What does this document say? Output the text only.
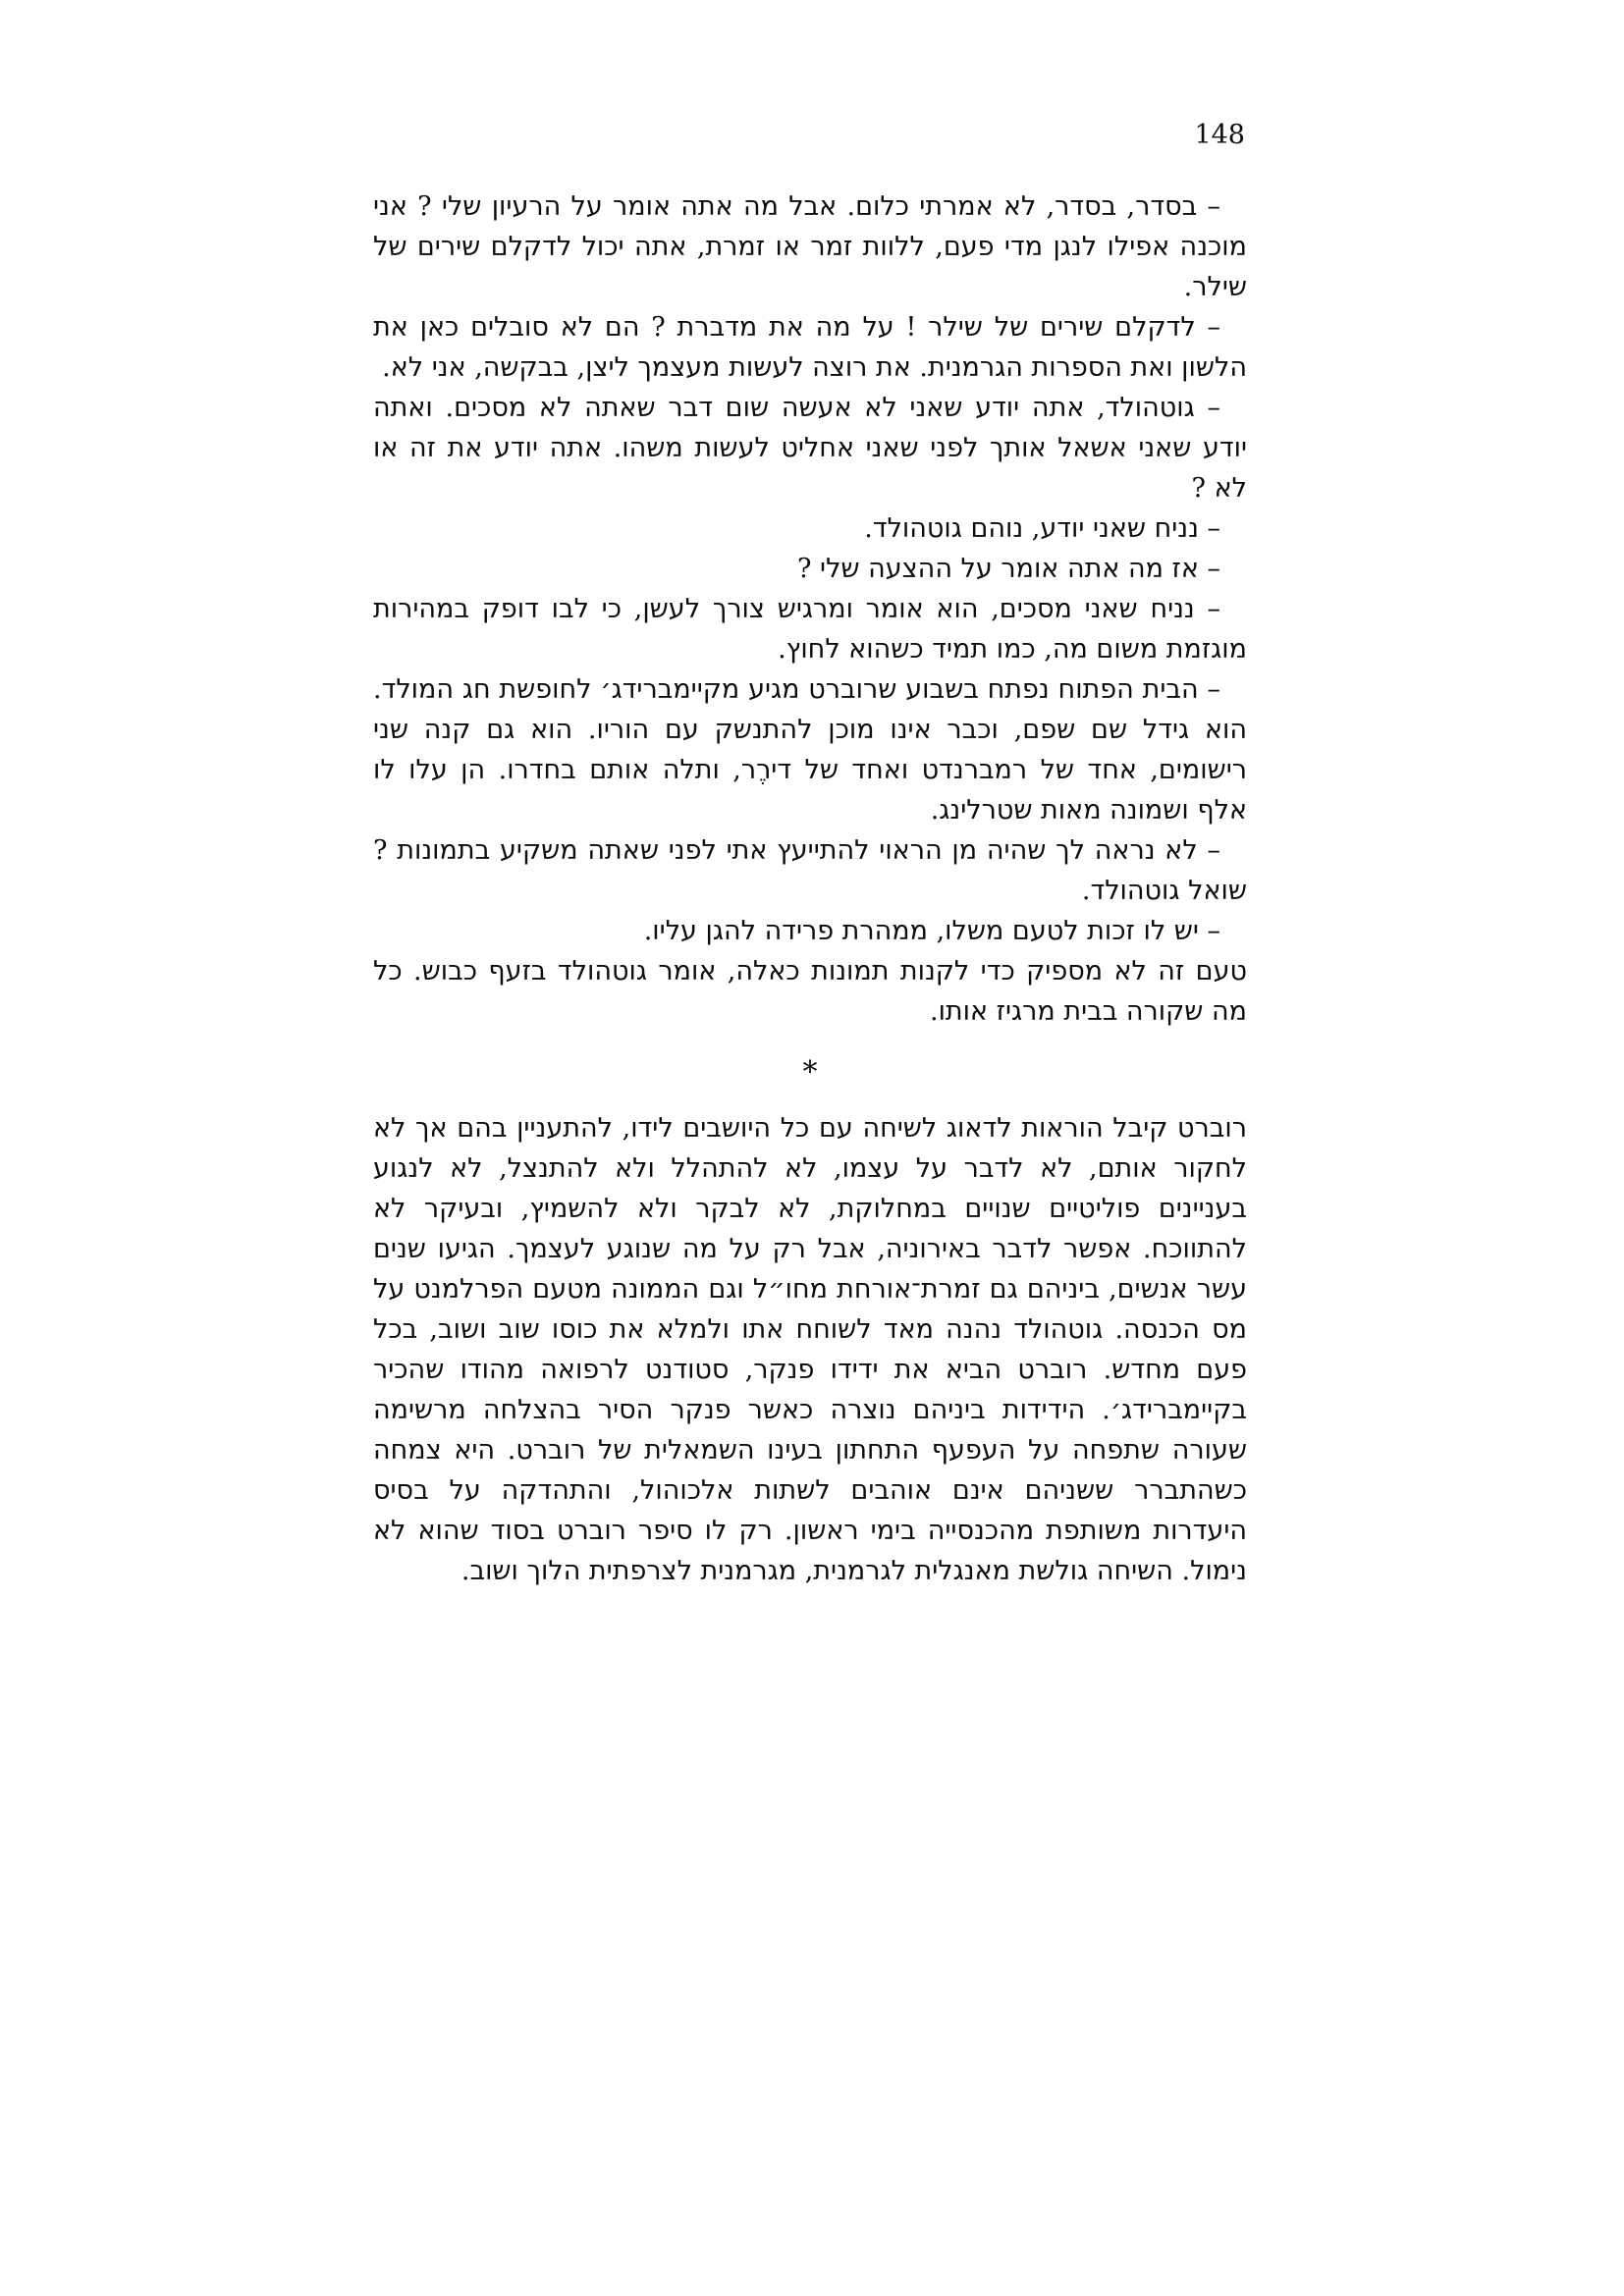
148

– בסדר, בסדר, לא אמרתי כלום. אבל מה אתה אומר על הרעיון שלי ? אני מוכנה אפילו לנגן מדי פעם, ללוות זמר או זמרת, אתה יכול לדקלם שירים של שילר.

– לדקלם שירים של שילר ! על מה את מדברת ? הם לא סובלים כאן את הלשון ואת הספרות הגרמנית. את רוצה לעשות מעצמך ליצן, בבקשה, אני לא.

– גוטהולד, אתה יודע שאני לא אעשה שום דבר שאתה לא מסכים. ואתה יודע שאני אשאל אותך לפני שאני אחליט לעשות משהו. אתה יודע את זה או לא ?

– נניח שאני יודע, נוהם גוטהולד.

– אז מה אתה אומר על ההצעה שלי ?

– נניח שאני מסכים, הוא אומר ומרגיש צורך לעשן, כי לבו דופק במהירות מוגזמת משום מה, כמו תמיד כשהוא לחוץ.

– הבית הפתוח נפתח בשבוע שרוברט מגיע מקיימברידג׳ לחופשת חג המולד. הוא גידל שם שפם, וכבר אינו מוכן להתנשק עם הוריו. הוא גם קנה שני רישומים, אחד של רמברנדט ואחד של דירֶר, ותלה אותם בחדרו. הן עלו לו אלף ושמונה מאות שטרלינג.

– לא נראה לך שהיה מן הראוי להתייעץ אתי לפני שאתה משקיע בתמונות ? שואל גוטהולד.

– יש לו זכות לטעם משלו, ממהרת פרידה להגן עליו.

טעם זה לא מספיק כדי לקנות תמונות כאלה, אומר גוטהולד בזעף כבוש. כל מה שקורה בבית מרגיז אותו.

*

רוברט קיבל הוראות לדאוג לשיחה עם כל היושבים לידו, להתעניין בהם אך לא לחקור אותם, לא לדבר על עצמו, לא להתהלל ולא להתנצל, לא לנגוע בעניינים פוליטיים שנויים במחלוקת, לא לבקר ולא להשמיץ, ובעיקר לא להתווכח. אפשר לדבר באירוניה, אבל רק על מה שנוגע לעצמך. הגיעו שנים עשר אנשים, ביניהם גם זמרת־אורחת מחו״ל וגם הממונה מטעם הפרלמנט על מס הכנסה. גוטהולד נהנה מאד לשוחח אתו ולמלא את כוסו שוב ושוב, בכל פעם מחדש. רוברט הביא את ידידו פנקר, סטודנט לרפואה מהודו שהכיר בקיימברידג׳. הידידות ביניהם נוצרה כאשר פנקר הסיר בהצלחה מרשימה שעורה שתפחה על העפעף התחתון בעינו השמאלית של רוברט. היא צמחה כשהתברר ששניהם אינם אוהבים לשתות אלכוהול, והתהדקה על בסיס היעדרות משותפת מהכנסייה בימי ראשון. רק לו סיפר רוברט בסוד שהוא לא נימול. השיחה גולשת מאנגלית לגרמנית, מגרמנית לצרפתית הלוך ושוב.
